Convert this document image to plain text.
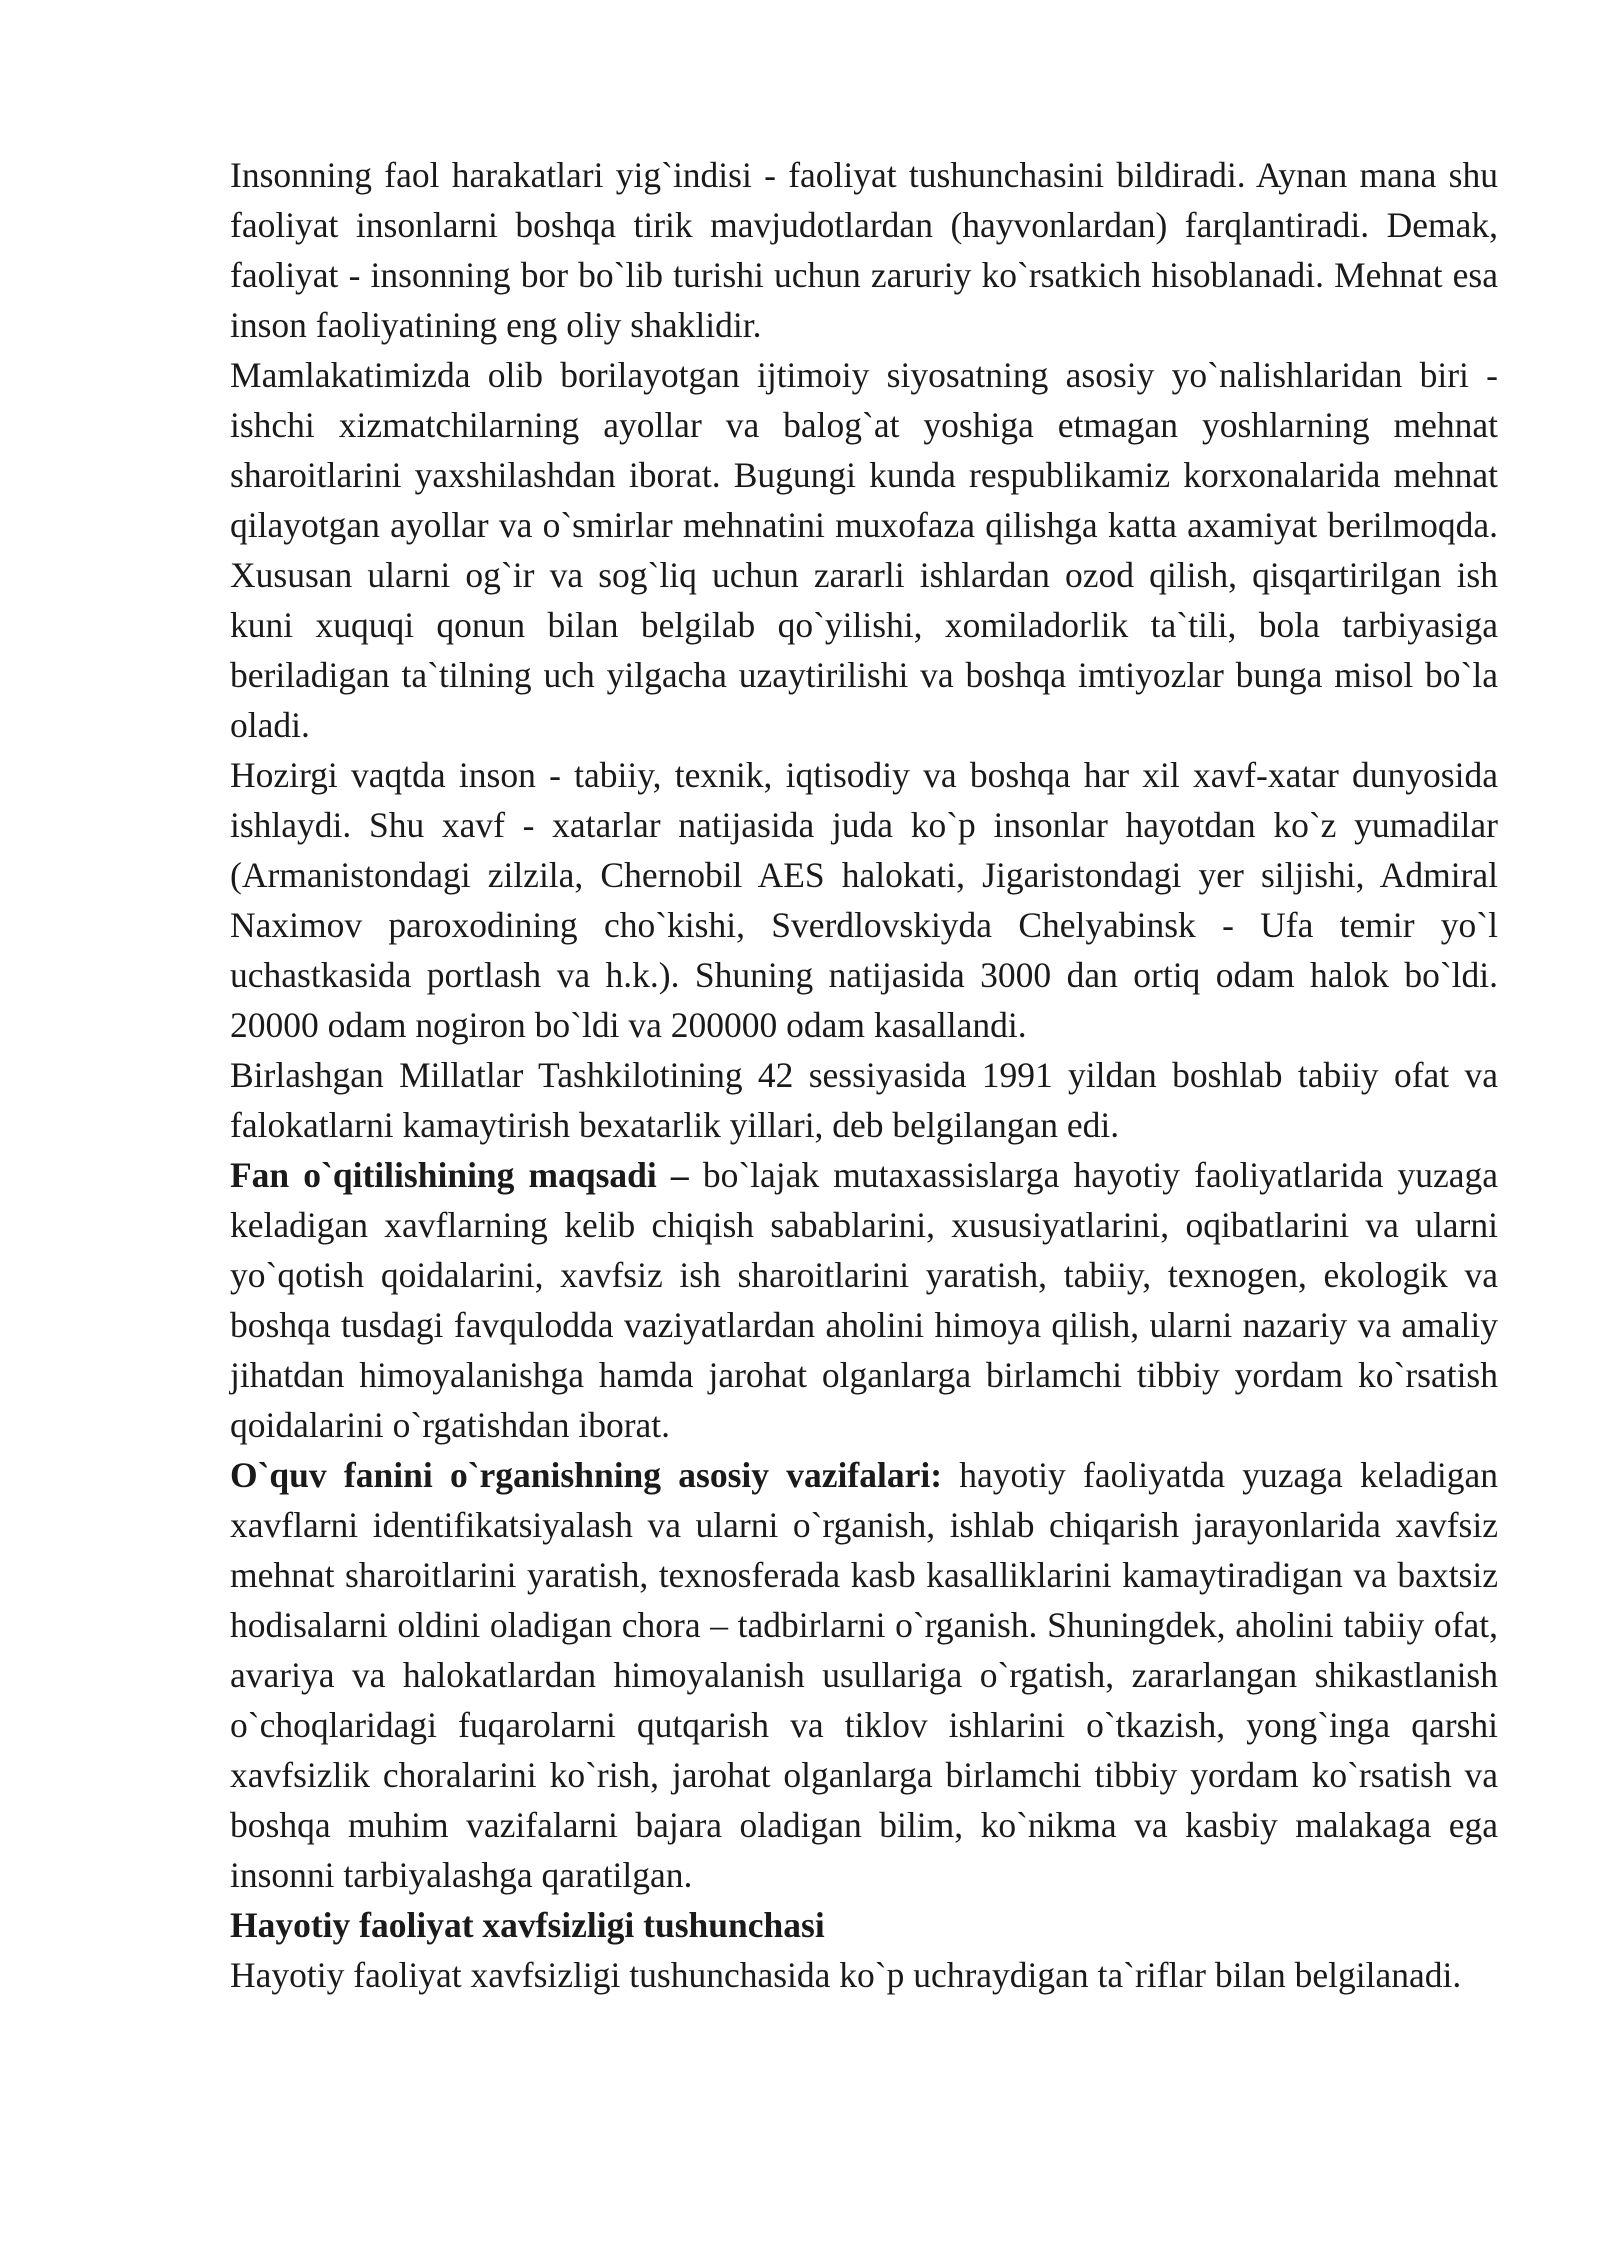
Insonning faol harakatlari yig`indisi - faoliyat tushunchasini bildiradi. Aynan mana shu faoliyat insonlarni boshqa tirik mavjudotlardan (hayvonlardan) farqlantiradi. Demak, faoliyat - insonning bor bo`lib turishi uchun zaruriy ko`rsatkich hisoblanadi. Mehnat esa inson faoliyatining eng oliy shaklidir.

Mamlakatimizda olib borilayotgan ijtimoiy siyosatning asosiy yo`nalishlaridan biri - ishchi xizmatchilarning ayollar va balog`at yoshiga etmagan yoshlarning mehnat sharoitlarini yaxshilashdan iborat. Bugungi kunda respublikamiz korxonalarida mehnat qilayotgan ayollar va o`smirlar mehnatini muxofaza qilishga katta axamiyat berilmoqda. Xususan ularni og`ir va sog`liq uchun zararli ishlardan ozod qilish, qisqartirilgan ish kuni xuquqi qonun bilan belgilab qo`yilishi, xomiladorlik ta`tili, bola tarbiyasiga beriladigan ta`tilning uch yilgacha uzaytirilishi va boshqa imtiyozlar bunga misol bo`la oladi.

Hozirgi vaqtda inson - tabiiy, texnik, iqtisodiy va boshqa har xil xavf-xatar dunyosida ishlaydi. Shu xavf - xatarlar natijasida juda ko`p insonlar hayotdan ko`z yumadilar (Armanistondagi zilzila, Chernobil AES halokati, Jigaristondagi yer siljishi, Admiral Naximov paroxodining cho`kishi, Sverdlovskiyda Chelyabinsk - Ufa temir yo`l uchastkasida portlash va h.k.). Shuning natijasida 3000 dan ortiq odam halok bo`ldi. 20000 odam nogiron bo`ldi va 200000 odam kasallandi.

Birlashgan Millatlar Tashkilotining 42 sessiyasida 1991 yildan boshlab tabiiy ofat va falokatlarni kamaytirish bexatarlik yillari, deb belgilangan edi.

Fan o`qitilishining maqsadi – bo`lajak mutaxassislarga hayotiy faoliyatlarida yuzaga keladigan xavflarning kelib chiqish sabablarini, xususiyatlarini, oqibatlarini va ularni yo`qotish qoidalarini, xavfsiz ish sharoitlarini yaratish, tabiiy, texnogen, ekologik va boshqa tusdagi favqulodda vaziyatlardan aholini himoya qilish, ularni nazariy va amaliy jihatdan himoyalanishga hamda jarohat olganlarga birlamchi tibbiy yordam ko`rsatish qoidalarini o`rgatishdan iborat.

O`quv fanini o`rganishning asosiy vazifalari: hayotiy faoliyatda yuzaga keladigan xavflarni identifikatsiyalash va ularni o`rganish, ishlab chiqarish jarayonlarida xavfsiz mehnat sharoitlarini yaratish, texnosferada kasb kasalliklarini kamaytiradigan va baxtsiz hodisalarni oldini oladigan chora – tadbirlarni o`rganish. Shuningdek, aholini tabiiy ofat, avariya va halokatlardan himoyalanish usullariga o`rgatish, zararlangan shikastlanish o`choqlaridagi fuqarolarni qutqarish va tiklov ishlarini o`tkazish, yong`inga qarshi xavfsizlik choralarini ko`rish, jarohat olganlarga birlamchi tibbiy yordam ko`rsatish va boshqa muhim vazifalarni bajara oladigan bilim, ko`nikma va kasbiy malakaga ega insonni tarbiyalashga qaratilgan.

Hayotiy faoliyat xavfsizligi tushunchasi

Hayotiy faoliyat xavfsizligi tushunchasida ko`p uchraydigan ta`riflar bilan belgilanadi.
